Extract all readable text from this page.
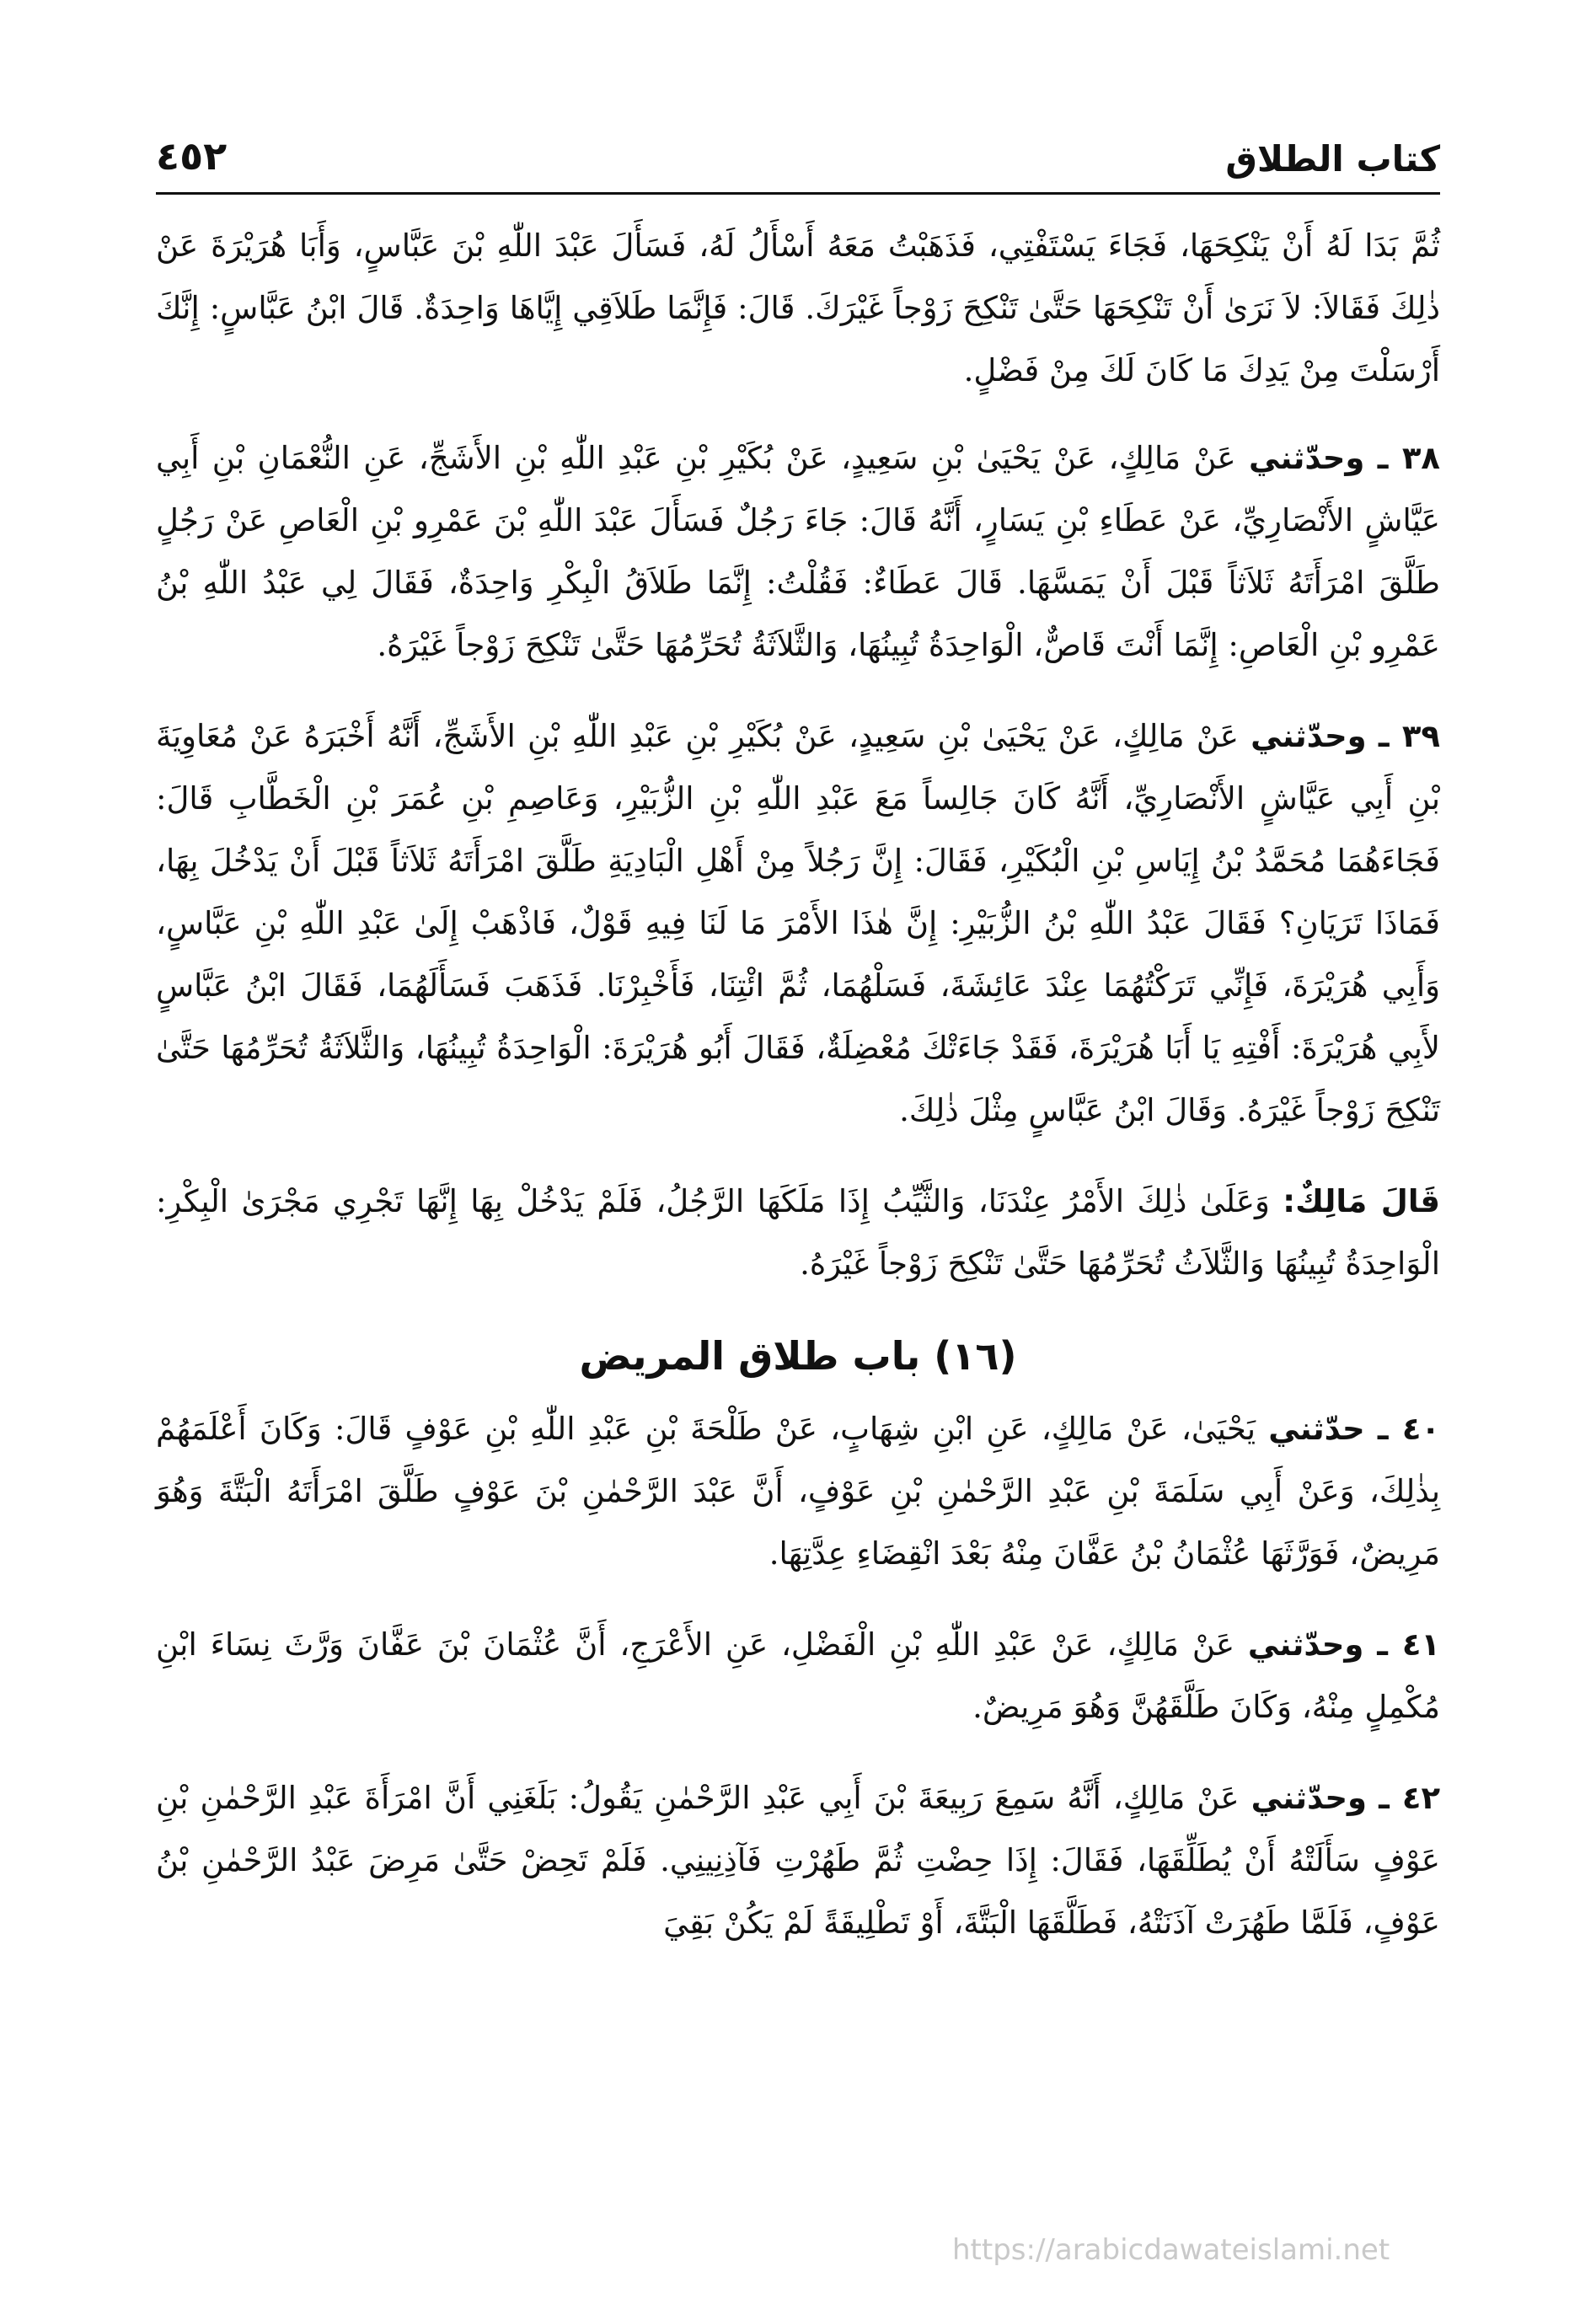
كتاب الطلاق
٤٥٢

ثُمَّ بَدَا لَهُ أَنْ يَنْكِحَهَا، فَجَاءَ يَسْتَفْتِي، فَذَهَبْتُ مَعَهُ أَسْأَلُ لَهُ، فَسَأَلَ عَبْدَ اللّٰهِ بْنَ عَبَّاسٍ، وَأَبَا هُرَيْرَةَ عَنْ ذٰلِكَ فَقَالاَ: لاَ نَرَىٰ أَنْ تَنْكِحَهَا حَتَّىٰ تَنْكِحَ زَوْجاً غَيْرَكَ. قَالَ: فَإِنَّمَا طَلاَقِي إِيَّاهَا وَاحِدَةٌ. قَالَ ابْنُ عَبَّاسٍ: إِنَّكَ أَرْسَلْتَ مِنْ يَدِكَ مَا كَانَ لَكَ مِنْ فَضْلٍ.

٣٨ ـ وحدّثني عَنْ مَالِكٍ، عَنْ يَحْيَىٰ بْنِ سَعِيدٍ، عَنْ بُكَيْرِ بْنِ عَبْدِ اللّٰهِ بْنِ الأَشَجِّ، عَنِ النُّعْمَانِ بْنِ أَبِي عَيَّاشٍ الأَنْصَارِيِّ، عَنْ عَطَاءِ بْنِ يَسَارٍ، أَنَّهُ قَالَ: جَاءَ رَجُلٌ فَسَأَلَ عَبْدَ اللّٰهِ بْنَ عَمْرِو بْنِ الْعَاصِ عَنْ رَجُلٍ طَلَّقَ امْرَأَتَهُ ثَلاَثاً قَبْلَ أَنْ يَمَسَّهَا. قَالَ عَطَاءٌ: فَقُلْتُ: إِنَّمَا طَلاَقُ الْبِكْرِ وَاحِدَةٌ، فَقَالَ لِي عَبْدُ اللّٰهِ بْنُ عَمْرِو بْنِ الْعَاصِ: إِنَّمَا أَنْتَ قَاصٌّ، الْوَاحِدَةُ تُبِينُهَا، وَالثَّلاَثَةُ تُحَرِّمُهَا حَتَّىٰ تَنْكِحَ زَوْجاً غَيْرَهُ.

٣٩ ـ وحدّثني عَنْ مَالِكٍ، عَنْ يَحْيَىٰ بْنِ سَعِيدٍ، عَنْ بُكَيْرِ بْنِ عَبْدِ اللّٰهِ بْنِ الأَشَجِّ، أَنَّهُ أَخْبَرَهُ عَنْ مُعَاوِيَةَ بْنِ أَبِي عَيَّاشٍ الأَنْصَارِيِّ، أَنَّهُ كَانَ جَالِساً مَعَ عَبْدِ اللّٰهِ بْنِ الزُّبَيْرِ، وَعَاصِمِ بْنِ عُمَرَ بْنِ الْخَطَّابِ قَالَ: فَجَاءَهُمَا مُحَمَّدُ بْنُ إِيَاسِ بْنِ الْبُكَيْرِ، فَقَالَ: إِنَّ رَجُلاً مِنْ أَهْلِ الْبَادِيَةِ طَلَّقَ امْرَأَتَهُ ثَلاَثاً قَبْلَ أَنْ يَدْخُلَ بِهَا، فَمَاذَا تَرَيَانِ؟ فَقَالَ عَبْدُ اللّٰهِ بْنُ الزُّبَيْرِ: إِنَّ هٰذَا الأَمْرَ مَا لَنَا فِيهِ قَوْلٌ، فَاذْهَبْ إِلَىٰ عَبْدِ اللّٰهِ بْنِ عَبَّاسٍ، وَأَبِي هُرَيْرَةَ، فَإِنِّي تَرَكْتُهُمَا عِنْدَ عَائِشَةَ، فَسَلْهُمَا، ثُمَّ ائْتِنَا، فَأَخْبِرْنَا. فَذَهَبَ فَسَأَلَهُمَا، فَقَالَ ابْنُ عَبَّاسٍ لأَبِي هُرَيْرَةَ: أَفْتِهِ يَا أَبَا هُرَيْرَةَ، فَقَدْ جَاءَتْكَ مُعْضِلَةٌ، فَقَالَ أَبُو هُرَيْرَةَ: الْوَاحِدَةُ تُبِينُهَا، وَالثَّلاَثَةُ تُحَرِّمُهَا حَتَّىٰ تَنْكِحَ زَوْجاً غَيْرَهُ. وَقَالَ ابْنُ عَبَّاسٍ مِثْلَ ذٰلِكَ.

قَالَ مَالِكٌ: وَعَلَىٰ ذٰلِكَ الأَمْرُ عِنْدَنَا، وَالثَّيِّبُ إِذَا مَلَكَهَا الرَّجُلُ، فَلَمْ يَدْخُلْ بِهَا إِنَّهَا تَجْرِي مَجْرَىٰ الْبِكْرِ: الْوَاحِدَةُ تُبِينُهَا وَالثَّلاَثُ تُحَرِّمُهَا حَتَّىٰ تَنْكِحَ زَوْجاً غَيْرَهُ.

(١٦) باب طلاق المريض

٤٠ ـ حدّثني يَحْيَىٰ، عَنْ مَالِكٍ، عَنِ ابْنِ شِهَابٍ، عَنْ طَلْحَةَ بْنِ عَبْدِ اللّٰهِ بْنِ عَوْفٍ قَالَ: وَكَانَ أَعْلَمَهُمْ بِذٰلِكَ، وَعَنْ أَبِي سَلَمَةَ بْنِ عَبْدِ الرَّحْمٰنِ بْنِ عَوْفٍ، أَنَّ عَبْدَ الرَّحْمٰنِ بْنَ عَوْفٍ طَلَّقَ امْرَأَتَهُ الْبَتَّةَ وَهُوَ مَرِيضٌ، فَوَرَّثَهَا عُثْمَانُ بْنُ عَفَّانَ مِنْهُ بَعْدَ انْقِضَاءِ عِدَّتِهَا.

٤١ ـ وحدّثني عَنْ مَالِكٍ، عَنْ عَبْدِ اللّٰهِ بْنِ الْفَضْلِ، عَنِ الأَعْرَجِ، أَنَّ عُثْمَانَ بْنَ عَفَّانَ وَرَّثَ نِسَاءَ ابْنِ مُكْمِلٍ مِنْهُ، وَكَانَ طَلَّقَهُنَّ وَهُوَ مَرِيضٌ.

٤٢ ـ وحدّثني عَنْ مَالِكٍ، أَنَّهُ سَمِعَ رَبِيعَةَ بْنَ أَبِي عَبْدِ الرَّحْمٰنِ يَقُولُ: بَلَغَنِي أَنَّ امْرَأَةَ عَبْدِ الرَّحْمٰنِ بْنِ عَوْفٍ سَأَلَتْهُ أَنْ يُطَلِّقَهَا، فَقَالَ: إِذَا حِضْتِ ثُمَّ طَهُرْتِ فَآذِنِينِي. فَلَمْ تَحِضْ حَتَّىٰ مَرِضَ عَبْدُ الرَّحْمٰنِ بْنُ عَوْفٍ، فَلَمَّا طَهُرَتْ آذَنَتْهُ، فَطَلَّقَهَا الْبَتَّةَ، أَوْ تَطْلِيقَةً لَمْ يَكُنْ بَقِيَ

https://arabicdawateislami.net
